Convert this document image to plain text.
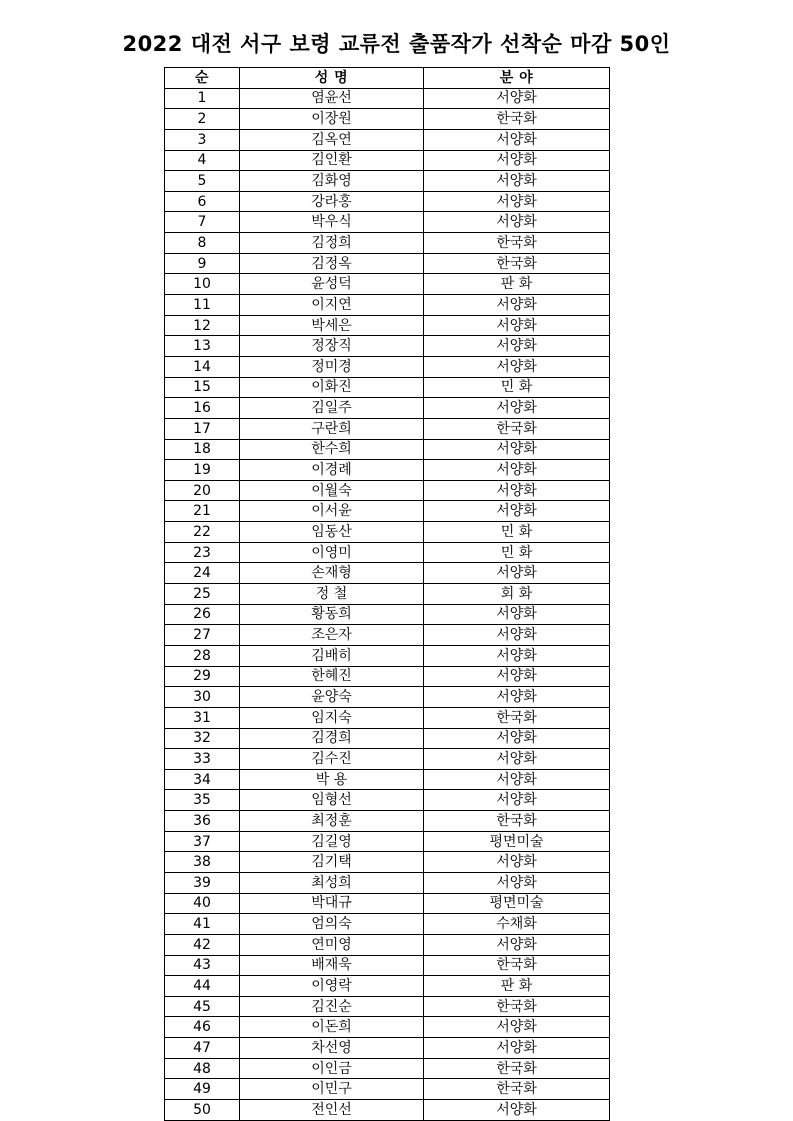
2022 대전 서구 보령 교류전 출품작가 선착순 마감 50인
순	성 명	분 야
1	염윤선	서양화
2	이장원	한국화
3	김옥연	서양화
4	김인환	서양화
5	김화영	서양화
6	강라홍	서양화
7	박우식	서양화
8	김정희	한국화
9	김정옥	한국화
10	윤성덕	판 화
11	이지연	서양화
12	박세은	서양화
13	정장직	서양화
14	정미경	서양화
15	이화진	민 화
16	김일주	서양화
17	구란희	한국화
18	한수희	서양화
19	이경례	서양화
20	이월숙	서양화
21	이서윤	서양화
22	임동산	민 화
23	이영미	민 화
24	손재형	서양화
25	정 철	회 화
26	황동희	서양화
27	조은자	서양화
28	김배히	서양화
29	한혜진	서양화
30	윤양숙	서양화
31	임지숙	한국화
32	김경희	서양화
33	김수진	서양화
34	박 용	서양화
35	임형선	서양화
36	최정훈	한국화
37	김길영	평면미술
38	김기택	서양화
39	최성희	서양화
40	박대규	평면미술
41	엄의숙	수채화
42	연미영	서양화
43	배재욱	한국화
44	이영락	판 화
45	김진순	한국화
46	이돈희	서양화
47	차선영	서양화
48	이인금	한국화
49	이민구	한국화
50	전인선	서양화
